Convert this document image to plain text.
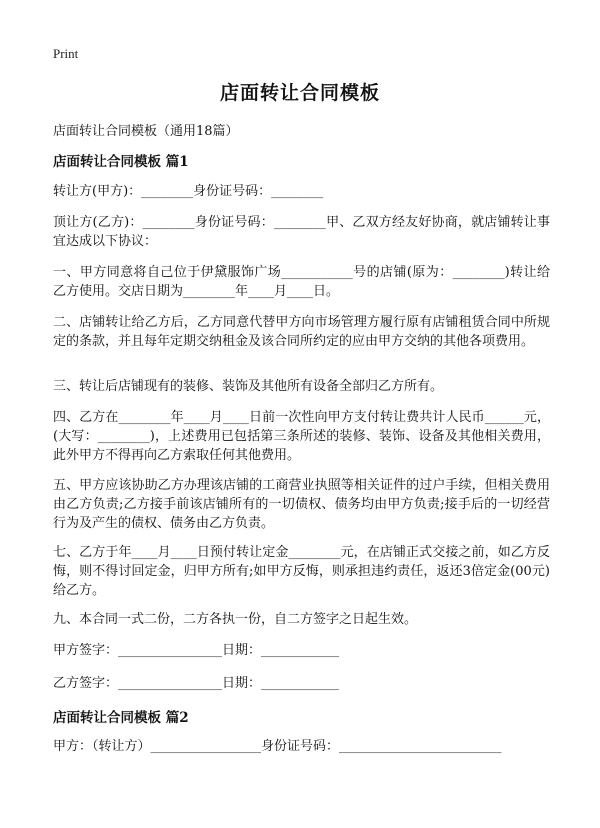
Print
店面转让合同模板
店面转让合同模板（通用18篇）
店面转让合同模板 篇1
转让方(甲方)：________身份证号码：________
顶让方(乙方)：________身份证号码：________甲、乙双方经友好协商，就店铺转让事宜达成以下协议：
一、甲方同意将自己位于伊黛服饰广场___________号的店铺(原为：________)转让给乙方使用。交店日期为________年____月____日。
二、店铺转让给乙方后，乙方同意代替甲方向市场管理方履行原有店铺租赁合同中所规定的条款，并且每年定期交纳租金及该合同所约定的应由甲方交纳的其他各项费用。
三、转让后店铺现有的装修、装饰及其他所有设备全部归乙方所有。
四、乙方在________年____月____日前一次性向甲方支付转让费共计人民币______元，(大写：________)，上述费用已包括第三条所述的装修、装饰、设备及其他相关费用，此外甲方不得再向乙方索取任何其他费用。
五、甲方应该协助乙方办理该店铺的工商营业执照等相关证件的过户手续，但相关费用由乙方负责;乙方接手前该店铺所有的一切债权、债务均由甲方负责;接手后的一切经营行为及产生的债权、债务由乙方负责。
七、乙方于年____月____日预付转让定金________元，在店铺正式交接之前，如乙方反悔，则不得讨回定金，归甲方所有;如甲方反悔，则承担违约责任，返还3倍定金(00元)给乙方。
九、本合同一式二份，二方各执一份，自二方签字之日起生效。
甲方签字：________________日期：____________
乙方签字：________________日期：____________
店面转让合同模板 篇2
甲方：（转让方）_________________身份证号码：_________________________
